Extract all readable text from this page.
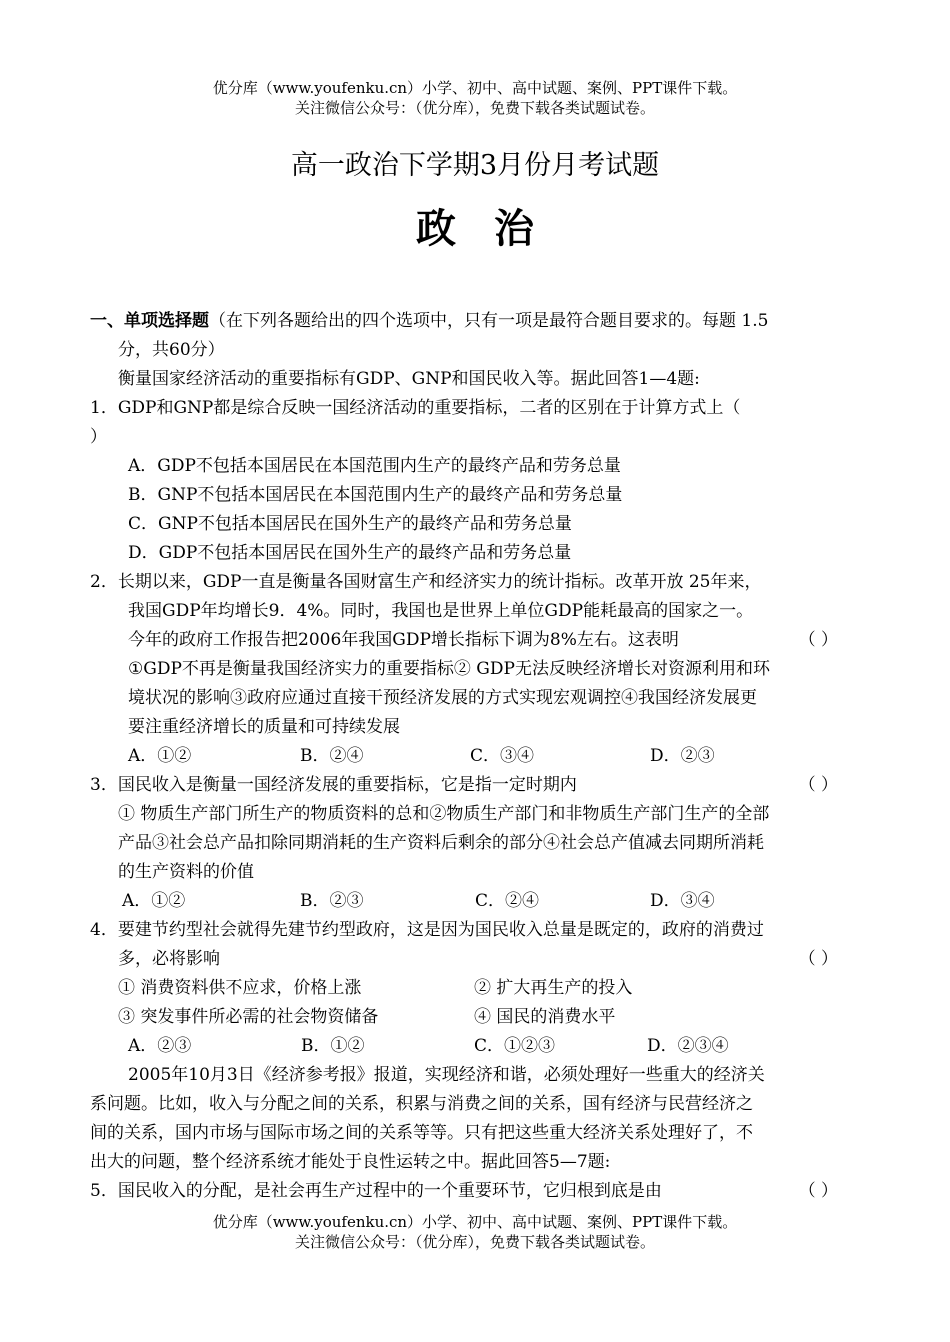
优分库（www.youfenku.cn）小学、初中、高中试题、案例、PPT课件下载。
关注微信公众号：（优分库），免费下载各类试题试卷。
高一政治下学期3月份月考试题
政治
一、单项选择题（在下列各题给出的四个选项中，只有一项是最符合题目要求的。每题 1.5
分，共60分）
衡量国家经济活动的重要指标有GDP、GNP和国民收入等。据此回答1—4题:
1．GDP和GNP都是综合反映一国经济活动的重要指标，二者的区别在于计算方式上（
）
A．GDP不包括本国居民在本国范围内生产的最终产品和劳务总量
B．GNP不包括本国居民在本国范围内生产的最终产品和劳务总量
C．GNP不包括本国居民在国外生产的最终产品和劳务总量
D．GDP不包括本国居民在国外生产的最终产品和劳务总量
2．长期以来，GDP一直是衡量各国财富生产和经济实力的统计指标。改革开放 25年来，
我国GDP年均增长9．4%。同时，我国也是世界上单位GDP能耗最高的国家之一。
今年的政府工作报告把2006年我国GDP增长指标下调为8%左右。这表明	（ ）
①GDP不再是衡量我国经济实力的重要指标② GDP无法反映经济增长对资源利用和环
境状况的影响③政府应通过直接干预经济发展的方式实现宏观调控④我国经济发展更
要注重经济增长的质量和可持续发展
A．①②	B．②④	C．③④	D．②③
3．国民收入是衡量一国经济发展的重要指标，它是指一定时期内	（ ）
① 物质生产部门所生产的物质资料的总和②物质生产部门和非物质生产部门生产的全部
产品③社会总产品扣除同期消耗的生产资料后剩余的部分④社会总产值减去同期所消耗
的生产资料的价值
A．①②	B．②③	C．②④	D．③④
4．要建节约型社会就得先建节约型政府，这是因为国民收入总量是既定的，政府的消费过
多，必将影响	（ ）
① 消费资料供不应求，价格上涨	② 扩大再生产的投入
③ 突发事件所必需的社会物资储备	④ 国民的消费水平
A．②③	B．①②	C．①②③	D．②③④
2005年10月3日《经济参考报》报道，实现经济和谐，必须处理好一些重大的经济关
系问题。比如，收入与分配之间的关系，积累与消费之间的关系，国有经济与民营经济之
间的关系，国内市场与国际市场之间的关系等等。只有把这些重大经济关系处理好了，不
出大的问题，整个经济系统才能处于良性运转之中。据此回答5—7题:
5．国民收入的分配，是社会再生产过程中的一个重要环节，它归根到底是由	（ ）
优分库（www.youfenku.cn）小学、初中、高中试题、案例、PPT课件下载。
关注微信公众号：（优分库），免费下载各类试题试卷。
